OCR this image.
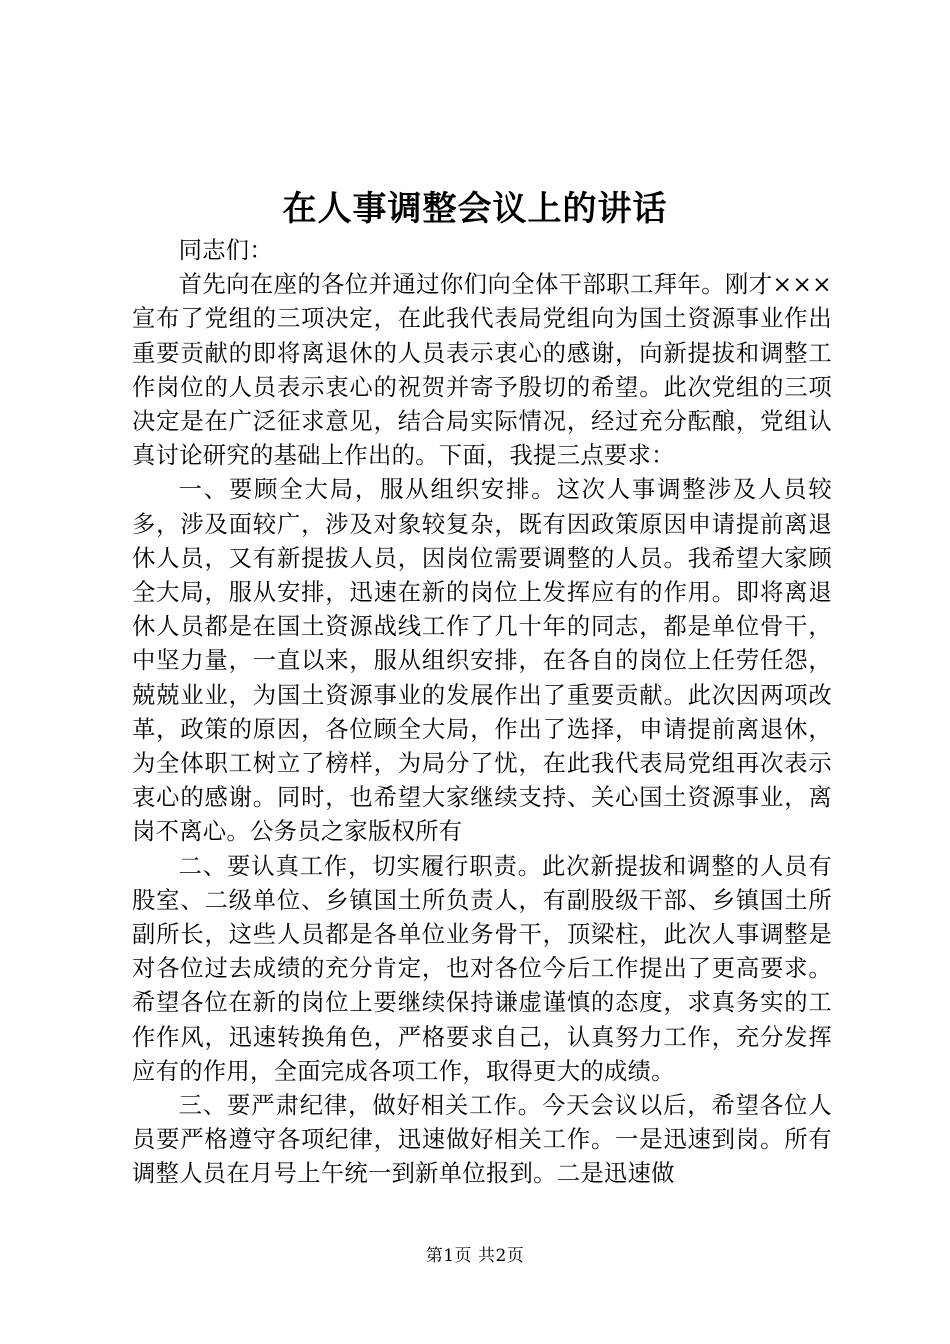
在人事调整会议上的讲话

同志们：

首先向在座的各位并通过你们向全体干部职工拜年。刚才×××宣布了党组的三项决定，在此我代表局党组向为国土资源事业作出重要贡献的即将离退休的人员表示衷心的感谢，向新提拔和调整工作岗位的人员表示衷心的祝贺并寄予殷切的希望。此次党组的三项决定是在广泛征求意见，结合局实际情况，经过充分酝酿，党组认真讨论研究的基础上作出的。下面，我提三点要求：

一、要顾全大局，服从组织安排。这次人事调整涉及人员较多，涉及面较广，涉及对象较复杂，既有因政策原因申请提前离退休人员，又有新提拔人员，因岗位需要调整的人员。我希望大家顾全大局，服从安排，迅速在新的岗位上发挥应有的作用。即将离退休人员都是在国土资源战线工作了几十年的同志，都是单位骨干，中坚力量，一直以来，服从组织安排，在各自的岗位上任劳任怨，兢兢业业，为国土资源事业的发展作出了重要贡献。此次因两项改革，政策的原因，各位顾全大局，作出了选择，申请提前离退休，为全体职工树立了榜样，为局分了忧，在此我代表局党组再次表示衷心的感谢。同时，也希望大家继续支持、关心国土资源事业，离岗不离心。公务员之家版权所有

二、要认真工作，切实履行职责。此次新提拔和调整的人员有股室、二级单位、乡镇国土所负责人，有副股级干部、乡镇国土所副所长，这些人员都是各单位业务骨干，顶梁柱，此次人事调整是对各位过去成绩的充分肯定，也对各位今后工作提出了更高要求。希望各位在新的岗位上要继续保持谦虚谨慎的态度，求真务实的工作作风，迅速转换角色，严格要求自己，认真努力工作，充分发挥应有的作用，全面完成各项工作，取得更大的成绩。

三、要严肃纪律，做好相关工作。今天会议以后，希望各位人员要严格遵守各项纪律，迅速做好相关工作。一是迅速到岗。所有调整人员在月号上午统一到新单位报到。二是迅速做

第1页 共2页
